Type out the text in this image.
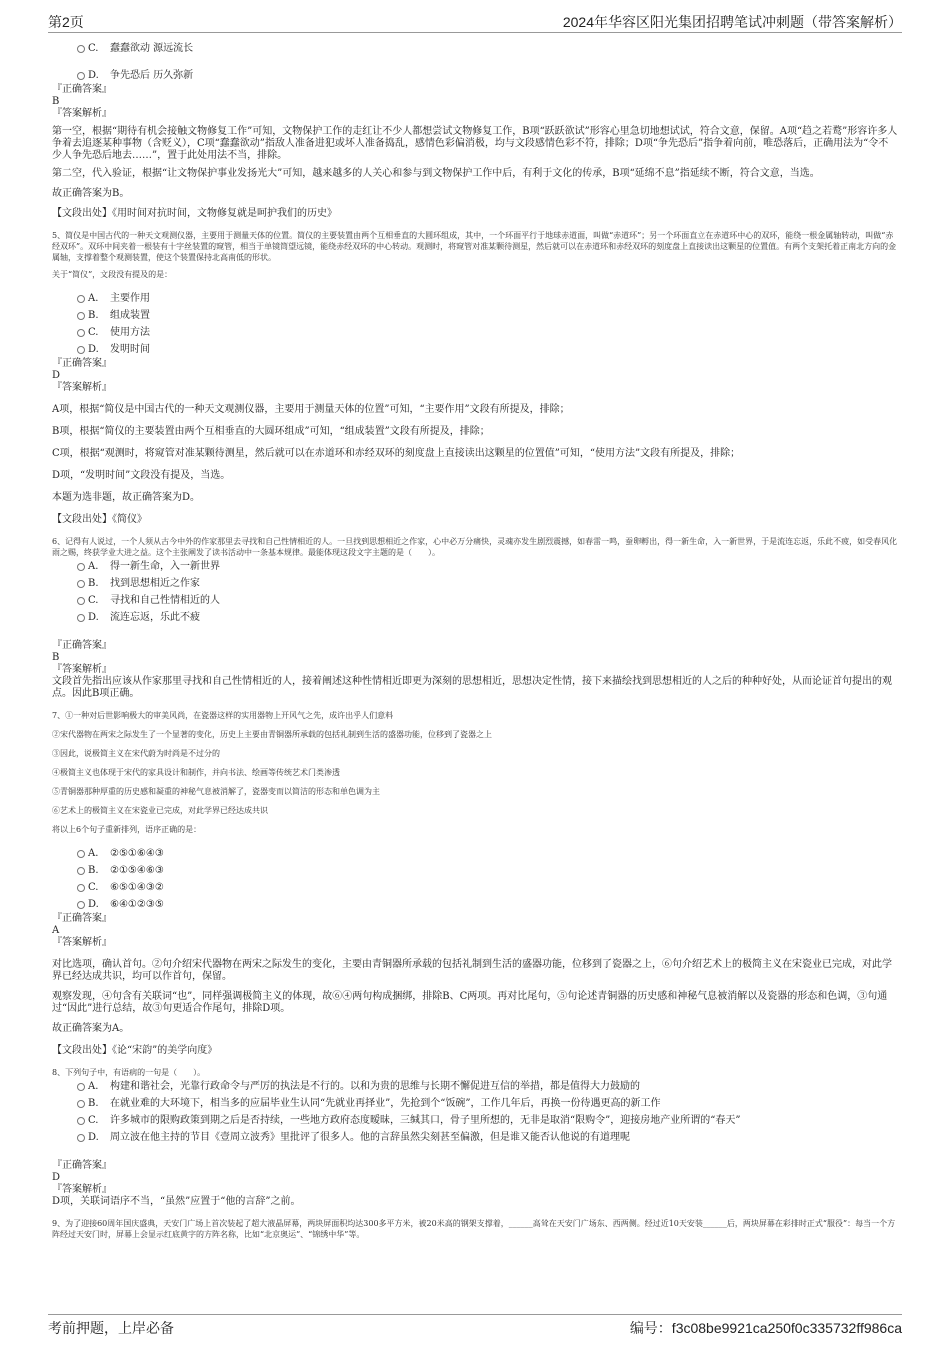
第2页	2024年华容区阳光集团招聘笔试冲刺题（带答案解析）
C. 蠢蠢欲动 源远流长
D. 争先恐后 历久弥新
『正确答案』
B
『答案解析』

第一空，根据“期待有机会接触文物修复工作”可知，文物保护工作的走红让不少人都想尝试文物修复工作，B项“跃跃欲试”形容心里急切地想试试，符合文意，保留。A项“趋之若鹜”形容许多人争着去追逐某种事物（含贬义），C项“蠢蠢欲动”指敌人准备进犯或坏人准备捣乱，感情色彩偏消极，均与文段感情色彩不符，排除；D项“争先恐后”指争着向前，唯恐落后，正确用法为“令不少人争先恐后地去……”，置于此处用法不当，排除。

第二空，代入验证，根据“让文物保护事业发扬光大”可知，越来越多的人关心和参与到文物保护工作中后，有利于文化的传承，B项“延绵不息”指延续不断，符合文意，当选。

故正确答案为B。

【文段出处】《用时间对抗时间，文物修复就是呵护我们的历史》

5、简仪是中国古代的一种天文观测仪器，主要用于测量天体的位置。简仪的主要装置由两个互相垂直的大圆环组成，其中，一个环面平行于地球赤道面，叫做“赤道环”；另一个环面直立在赤道环中心的双环，能绕一根金属轴转动，叫做“赤经双环”。双环中间夹着一根装有十字丝装置的窥管，相当于单镜筒望远镜，能绕赤经双环的中心转动。观测时，将窥管对准某颗待测星，然后就可以在赤道环和赤经双环的刻度盘上直接读出这颗星的位置值。有两个支架托着正南北方向的金属轴，支撑着整个观测装置，使这个装置保持北高南低的形状。

关于“简仪”，文段没有提及的是：

A. 主要作用
B. 组成装置
C. 使用方法
D. 发明时间
『正确答案』
D
『答案解析』

A项，根据“简仪是中国古代的一种天文观测仪器，主要用于测量天体的位置”可知，“主要作用”文段有所提及，排除；

B项，根据“简仪的主要装置由两个互相垂直的大圆环组成”可知，“组成装置”文段有所提及，排除；

C项，根据“观测时，将窥管对准某颗待测星，然后就可以在赤道环和赤经双环的刻度盘上直接读出这颗星的位置值”可知，“使用方法”文段有所提及，排除；

D项，“发明时间”文段没有提及，当选。

本题为选非题，故正确答案为D。

【文段出处】《简仪》

6、记得有人说过，一个人须从古今中外的作家那里去寻找和自己性情相近的人。一旦找到思想相近之作家，心中必万分痛快，灵魂亦发生剧烈震撼，如春雷一鸣，蚕卵孵出，得一新生命，入一新世界，于是流连忘返，乐此不疲，如受春风化雨之赐，终获学业大进之益。这个主张阐发了读书活动中一条基本规律。最能体现这段文字主题的是（　　）。

A. 得一新生命，入一新世界
B. 找到思想相近之作家
C. 寻找和自己性情相近的人
D. 流连忘返，乐此不疲
『正确答案』
B
『答案解析』

文段首先指出应该从作家那里寻找和自己性情相近的人，接着阐述这种性情相近即更为深刻的思想相近，思想决定性情，接下来描绘找到思想相近的人之后的种种好处，从而论证首句提出的观点。因此B项正确。

7、①一种对后世影响极大的审美风尚，在瓷器这样的实用器物上开风气之先，成许出乎人们意料

②宋代器物在两宋之际发生了一个显著的变化，历史上主要由青铜器所承载的包括礼制到生活的盛器功能，位移到了瓷器之上

③因此，说极简主义在宋代蔚为时尚是不过分的

④极简主义也体现于宋代的家具设计和制作，并向书法、绘画等传统艺术门类渗透

⑤青铜器那种厚重的历史感和凝重的神秘气息被消解了，瓷器变而以简洁的形态和单色调为主

⑥艺术上的极简主义在宋瓷业已完成，对此学界已经达成共识

将以上6个句子重新排列，语序正确的是：

A. ②⑤①⑥④③
B. ②①⑤④⑥③
C. ⑥⑤①④③②
D. ⑥④①②③⑤
『正确答案』
A
『答案解析』

对比选项，确认首句。②句介绍宋代器物在两宋之际发生的变化，主要由青铜器所承载的包括礼制到生活的盛器功能，位移到了瓷器之上，⑥句介绍艺术上的极简主义在宋瓷业已完成，对此学界已经达成共识，均可以作首句，保留。

观察发现，④句含有关联词“也”，同样强调极简主义的体现，故⑥④两句构成捆绑，排除B、C两项。再对比尾句，⑤句论述青铜器的历史感和神秘气息被消解以及瓷器的形态和色调，③句通过“因此”进行总结，故③句更适合作尾句，排除D项。

故正确答案为A。

【文段出处】《论“宋韵”的美学向度》

8、下列句子中，有语病的一句是（　　）。

A. 构建和谐社会，光靠行政命令与严厉的执法是不行的。以和为贵的思维与长期不懈促进互信的举措，都是值得大力鼓励的
B. 在就业难的大环境下，相当多的应届毕业生认同“先就业再择业”，先抢到个“饭碗”，工作几年后，再换一份待遇更高的新工作
C. 许多城市的限购政策到期之后是否持续，一些地方政府态度暧昧，三缄其口，骨子里所想的，无非是取消“限购令”，迎接房地产业所谓的“春天”
D. 周立波在他主持的节目《壹周立波秀》里批评了很多人。他的言辞虽然尖刻甚至偏激，但是谁又能否认他说的有道理呢
『正确答案』
D
『答案解析』

D项，关联词语序不当，“虽然”应置于“他的言辞”之前。

9、为了迎接60周年国庆盛典，天安门广场上首次装起了超大液晶屏幕，两块屏面积均达300多平方米，被20米高的钢架支撑着，______高耸在天安门广场东、西两侧。经过近10天安装______后，两块屏幕在彩排时正式“服役”：每当一个方阵经过天安门时，屏幕上会显示红底黄字的方阵名称，比如“北京奥运”、“锦绣中华”等。

考前押题，上岸必备	编号：f3c08be9921ca250f0c335732ff986ca
